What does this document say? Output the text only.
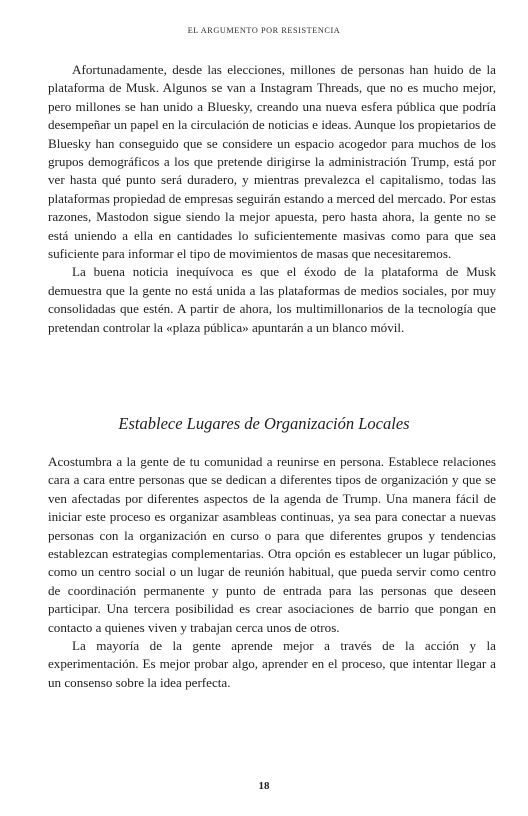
EL ARGUMENTO POR RESISTENCIA

Afortunadamente, desde las elecciones, millones de personas han huido de la plataforma de Musk. Algunos se van a Instagram Threads, que no es mucho mejor, pero millones se han unido a Bluesky, creando una nueva esfera pública que podría desempeñar un papel en la circulación de noticias e ideas. Aunque los propietarios de Bluesky han conseguido que se considere un espacio acogedor para muchos de los grupos demográficos a los que pretende dirigirse la administración Trump, está por ver hasta qué punto será duradero, y mientras prevalezca el capitalismo, todas las plataformas propiedad de empresas seguirán estando a merced del mercado. Por estas razones, Mastodon sigue siendo la mejor apuesta, pero hasta ahora, la gente no se está uniendo a ella en cantidades lo suficientemente masivas como para que sea suficiente para informar el tipo de movimientos de masas que necesitaremos.

La buena noticia inequívoca es que el éxodo de la plataforma de Musk demuestra que la gente no está unida a las plataformas de medios sociales, por muy consolidadas que estén. A partir de ahora, los multimillonarios de la tecnología que pretendan controlar la «plaza pública» apuntarán a un blanco móvil.

Establece Lugares de Organización Locales

Acostumbra a la gente de tu comunidad a reunirse en persona. Establece relaciones cara a cara entre personas que se dedican a diferentes tipos de organización y que se ven afectadas por diferentes aspectos de la agenda de Trump. Una manera fácil de iniciar este proceso es organizar asambleas continuas, ya sea para conectar a nuevas personas con la organización en curso o para que diferentes grupos y tendencias establezcan estrategias complementarias. Otra opción es establecer un lugar público, como un centro social o un lugar de reunión habitual, que pueda servir como centro de coordinación permanente y punto de entrada para las personas que deseen participar. Una tercera posibilidad es crear asociaciones de barrio que pongan en contacto a quienes viven y trabajan cerca unos de otros.

La mayoría de la gente aprende mejor a través de la acción y la experimentación. Es mejor probar algo, aprender en el proceso, que intentar llegar a un consenso sobre la idea perfecta.

18
